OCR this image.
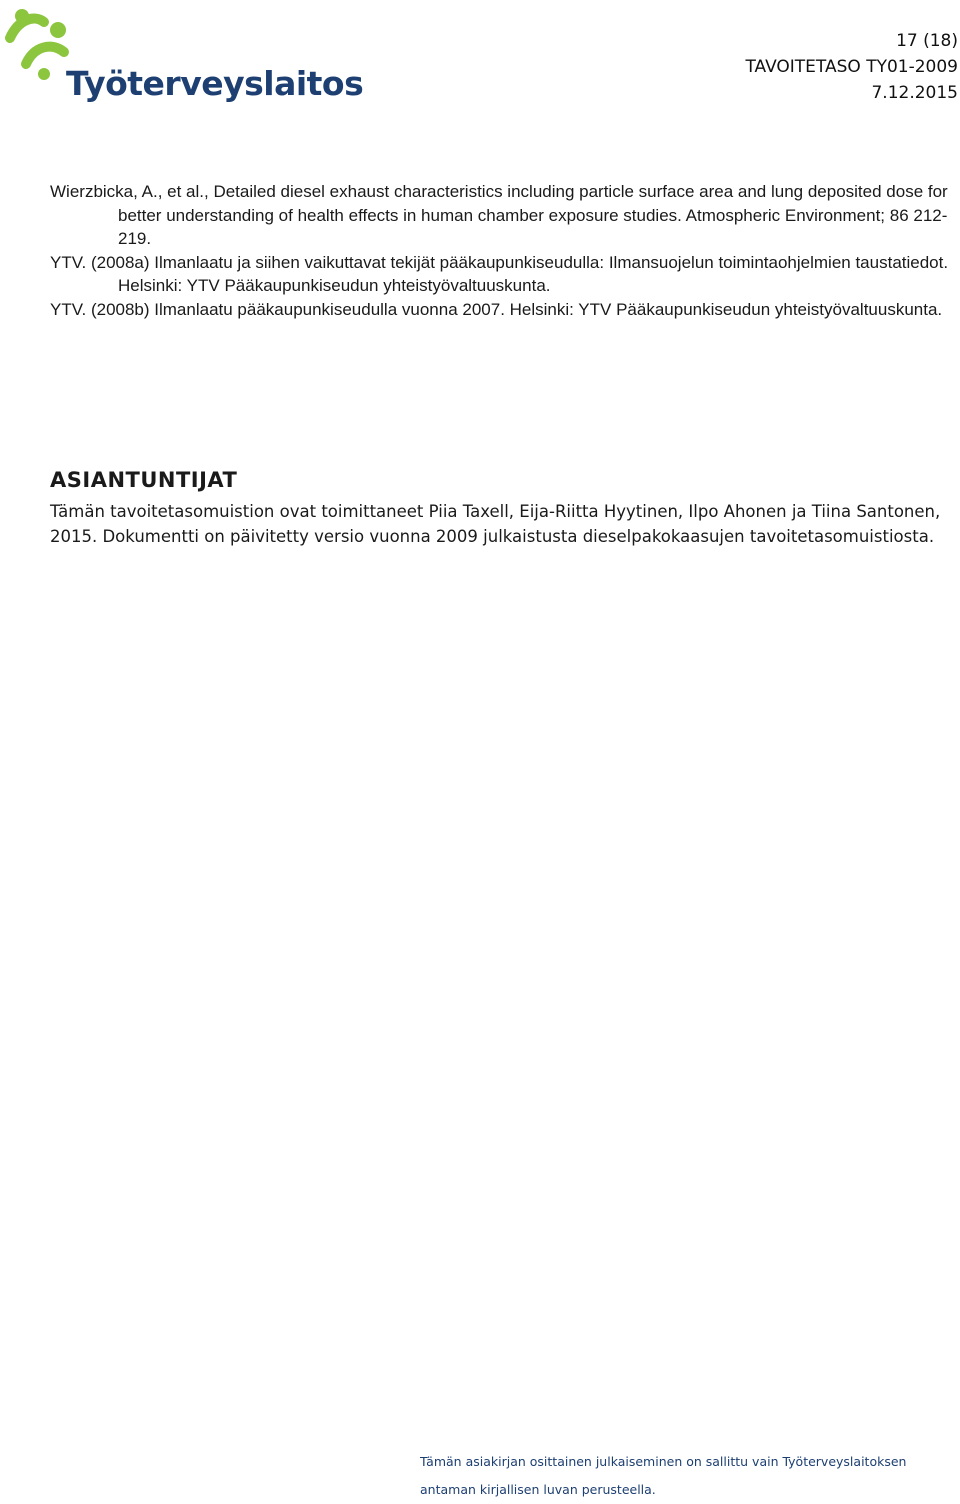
Työterveyslaitos
17 (18)
TAVOITETASO TY01-2009
7.12.2015

Wierzbicka, A., et al., Detailed diesel exhaust characteristics including particle surface area and lung deposited dose for better understanding of health effects in human chamber exposure studies. Atmospheric Environment; 86 212-219.

YTV. (2008a) Ilmanlaatu ja siihen vaikuttavat tekijät pääkaupunkiseudulla: Ilmansuojelun toimintaohjelmien taustatiedot. Helsinki: YTV Pääkaupunkiseudun yhteistyövaltuuskunta.

YTV. (2008b) Ilmanlaatu pääkaupunkiseudulla vuonna 2007. Helsinki: YTV Pääkaupunkiseudun yhteistyövaltuuskunta.

ASIANTUNTIJAT
Tämän tavoitetasomuistion ovat toimittaneet Piia Taxell, Eija-Riitta Hyytinen, Ilpo Ahonen ja Tiina Santonen, 2015. Dokumentti on päivitetty versio vuonna 2009 julkaistusta dieselpakokaasujen tavoitetasomuistiosta.
Tämän asiakirjan osittainen julkaiseminen on sallittu vain Työterveyslaitoksen
antaman kirjallisen luvan perusteella.
